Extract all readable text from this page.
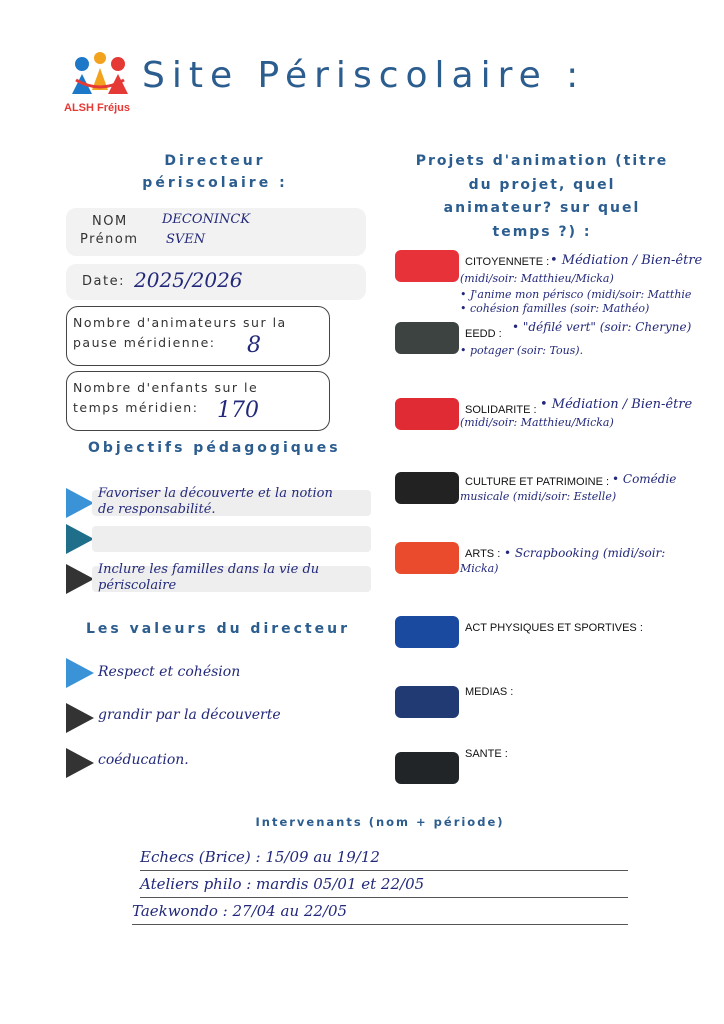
ALSH Fréjus
Site Périscolaire :
Directeur
périscolaire :
NOM
Prénom
DECONINCK
SVEN
Date: 2025/2026
Nombre d'animateurs sur la
pause méridienne: 8
Nombre d'enfants sur le
temps méridien: 170
Objectifs pédagogiques
Favoriser la découverte et la notion
de responsabilité.
Inclure les familles dans la vie du
périscolaire
Les valeurs du directeur
Respect et cohésion
grandir par la découverte
coéducation.
Projets d'animation (titre
du projet, quel
animateur? sur quel
temps ?) :
CITOYENNETE : • Médiation / Bien-être
(midi/soir: Matthieu/Micka)
• J'anime mon périsco (midi/soir: Matthie
• cohésion familles (soir: Mathéo)
EEDD : • "défilé vert" (soir: Cheryne)
• potager (soir: Tous).
SOLIDARITE : • Médiation / Bien-être
(midi/soir: Matthieu/Micka)
CULTURE ET PATRIMOINE : • Comédie
musicale (midi/soir: Estelle)
ARTS : • Scrapbooking (midi/soir:
Micka)
ACT PHYSIQUES ET SPORTIVES :
MEDIAS :
SANTE :
Intervenants (nom + période)
Echecs (Brice) : 15/09 au 19/12
Ateliers philo : mardis 05/01 et 22/05
Taekwondo : 27/04 au 22/05
